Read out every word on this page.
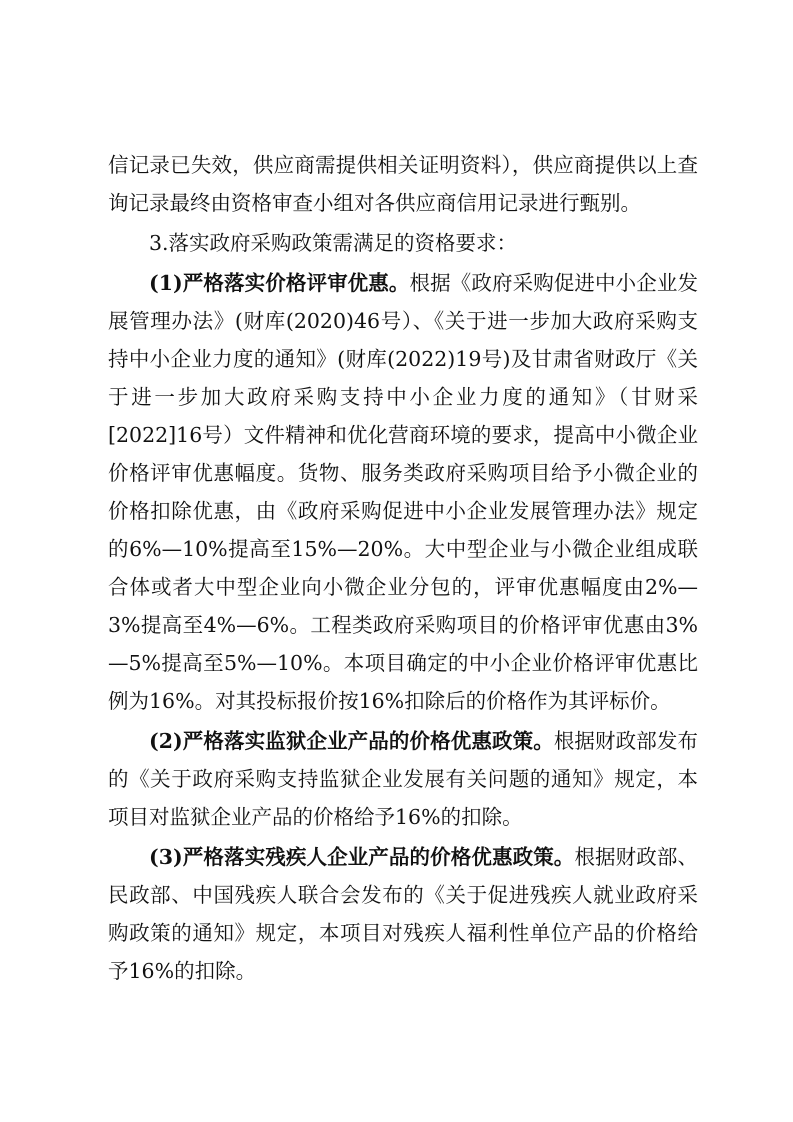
信记录已失效，供应商需提供相关证明资料），供应商提供以上查询记录最终由资格审查小组对各供应商信用记录进行甄别。

3.落实政府采购政策需满足的资格要求：

(1)严格落实价格评审优惠。根据《政府采购促进中小企业发展管理办法》(财库(2020)46号）、《关于进一步加大政府采购支持中小企业力度的通知》(财库(2022)19号)及甘肃省财政厅《关于进一步加大政府采购支持中小企业力度的通知》（甘财采[2022]16号）文件精神和优化营商环境的要求，提高中小微企业价格评审优惠幅度。货物、服务类政府采购项目给予小微企业的价格扣除优惠，由《政府采购促进中小企业发展管理办法》规定的6%—10%提高至15%—20%。大中型企业与小微企业组成联合体或者大中型企业向小微企业分包的，评审优惠幅度由2%—3%提高至4%—6%。工程类政府采购项目的价格评审优惠由3%—5%提高至5%—10%。本项目确定的中小企业价格评审优惠比例为16%。对其投标报价按16%扣除后的价格作为其评标价。

(2)严格落实监狱企业产品的价格优惠政策。根据财政部发布的《关于政府采购支持监狱企业发展有关问题的通知》规定，本项目对监狱企业产品的价格给予16%的扣除。

(3)严格落实残疾人企业产品的价格优惠政策。根据财政部、民政部、中国残疾人联合会发布的《关于促进残疾人就业政府采购政策的通知》规定，本项目对残疾人福利性单位产品的价格给予16%的扣除。
